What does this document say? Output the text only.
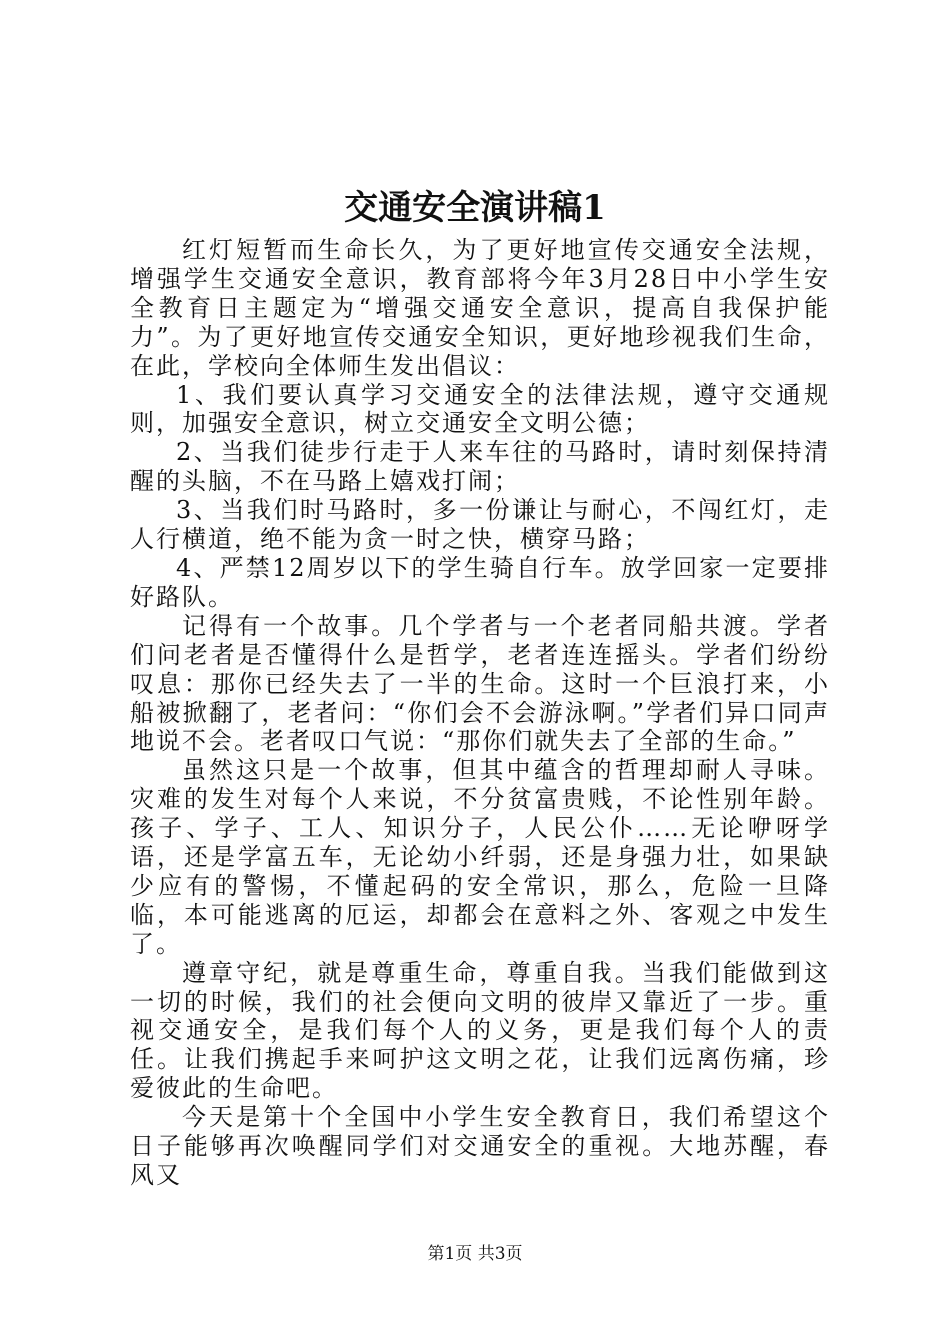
交通安全演讲稿1

红灯短暂而生命长久，为了更好地宣传交通安全法规，增强学生交通安全意识，教育部将今年3月28日中小学生安全教育日主题定为“增强交通安全意识，提高自我保护能力”。为了更好地宣传交通安全知识，更好地珍视我们生命，在此，学校向全体师生发出倡议：

1、我们要认真学习交通安全的法律法规，遵守交通规则，加强安全意识，树立交通安全文明公德；

2、当我们徒步行走于人来车往的马路时，请时刻保持清醒的头脑，不在马路上嬉戏打闹；

3、当我们时马路时，多一份谦让与耐心，不闯红灯，走人行横道，绝不能为贪一时之快，横穿马路；

4、严禁12周岁以下的学生骑自行车。放学回家一定要排好路队。

记得有一个故事。几个学者与一个老者同船共渡。学者们问老者是否懂得什么是哲学，老者连连摇头。学者们纷纷叹息：那你已经失去了一半的生命。这时一个巨浪打来，小船被掀翻了，老者问：“你们会不会游泳啊。”学者们异口同声地说不会。老者叹口气说：“那你们就失去了全部的生命。”

虽然这只是一个故事，但其中蕴含的哲理却耐人寻味。灾难的发生对每个人来说，不分贫富贵贱，不论性别年龄。孩子、学子、工人、知识分子，人民公仆……无论咿呀学语，还是学富五车，无论幼小纤弱，还是身强力壮，如果缺少应有的警惕，不懂起码的安全常识，那么，危险一旦降临，本可能逃离的厄运，却都会在意料之外、客观之中发生了。

遵章守纪，就是尊重生命，尊重自我。当我们能做到这一切的时候，我们的社会便向文明的彼岸又靠近了一步。重视交通安全，是我们每个人的义务，更是我们每个人的责任。让我们携起手来呵护这文明之花，让我们远离伤痛，珍爱彼此的生命吧。

今天是第十个全国中小学生安全教育日，我们希望这个日子能够再次唤醒同学们对交通安全的重视。大地苏醒，春风又

第1页 共3页
